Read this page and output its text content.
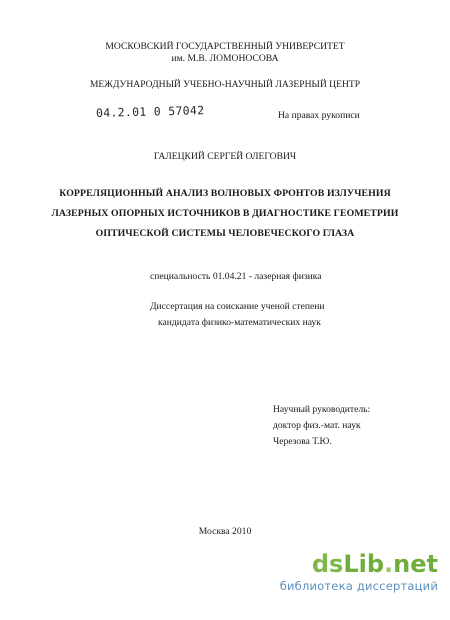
МОСКОВСКИЙ ГОСУДАРСТВЕННЫЙ УНИВЕРСИТЕТ
им. М.В. ЛОМОНОСОВА
МЕЖДУНАРОДНЫЙ УЧЕБНО-НАУЧНЫЙ ЛАЗЕРНЫЙ ЦЕНТР
04.2.01 0 57042	На правах рукописи
ГАЛЕЦКИЙ СЕРГЕЙ ОЛЕГОВИЧ
КОРРЕЛЯЦИОННЫЙ АНАЛИЗ ВОЛНОВЫХ ФРОНТОВ ИЗЛУЧЕНИЯ
ЛАЗЕРНЫХ ОПОРНЫХ ИСТОЧНИКОВ В ДИАГНОСТИКЕ ГЕОМЕТРИИ
ОПТИЧЕСКОЙ СИСТЕМЫ ЧЕЛОВЕЧЕСКОГО ГЛАЗА
специальность 01.04.21 - лазерная физика
Диссертация на соискание ученой степени
кандидата физико-математических наук
Научный руководитель:
доктор физ.-мат. наук
Черезова Т.Ю.
Москва 2010
dsLib.net
библиотека диссертаций
